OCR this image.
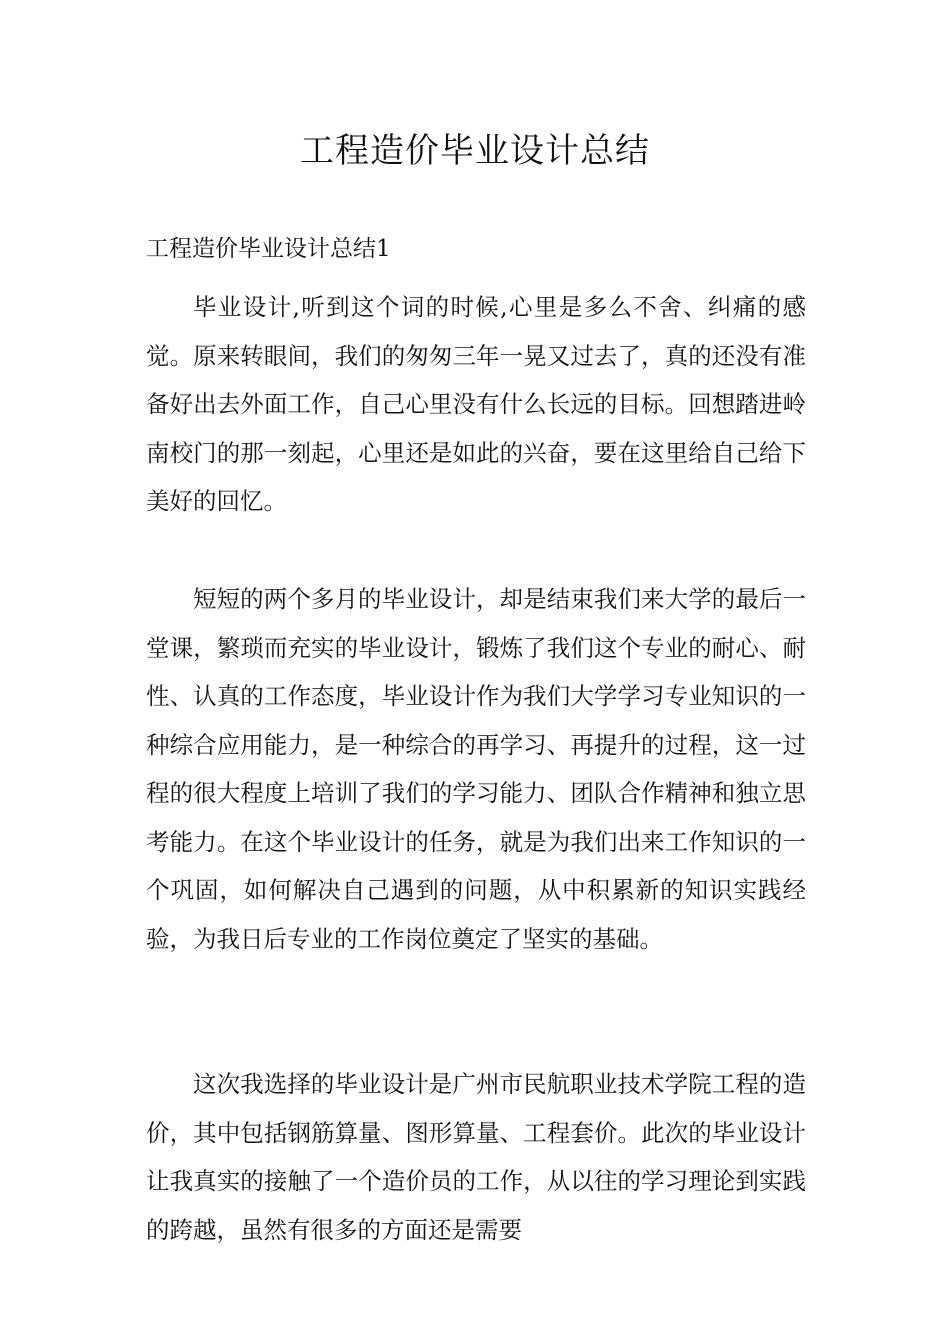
工程造价毕业设计总结
工程造价毕业设计总结1

毕业设计,听到这个词的时候,心里是多么不舍、纠痛的感觉。原来转眼间，我们的匆匆三年一晃又过去了，真的还没有准备好出去外面工作，自己心里没有什么长远的目标。回想踏进岭南校门的那一刻起，心里还是如此的兴奋，要在这里给自己给下美好的回忆。

短短的两个多月的毕业设计，却是结束我们来大学的最后一堂课，繁琐而充实的毕业设计，锻炼了我们这个专业的耐心、耐性、认真的工作态度，毕业设计作为我们大学学习专业知识的一种综合应用能力，是一种综合的再学习、再提升的过程，这一过程的很大程度上培训了我们的学习能力、团队合作精神和独立思考能力。在这个毕业设计的任务，就是为我们出来工作知识的一个巩固，如何解决自己遇到的问题，从中积累新的知识实践经验，为我日后专业的工作岗位奠定了坚实的基础。

这次我选择的毕业设计是广州市民航职业技术学院工程的造价，其中包括钢筋算量、图形算量、工程套价。此次的毕业设计让我真实的接触了一个造价员的工作，从以往的学习理论到实践的跨越，虽然有很多的方面还是需要
